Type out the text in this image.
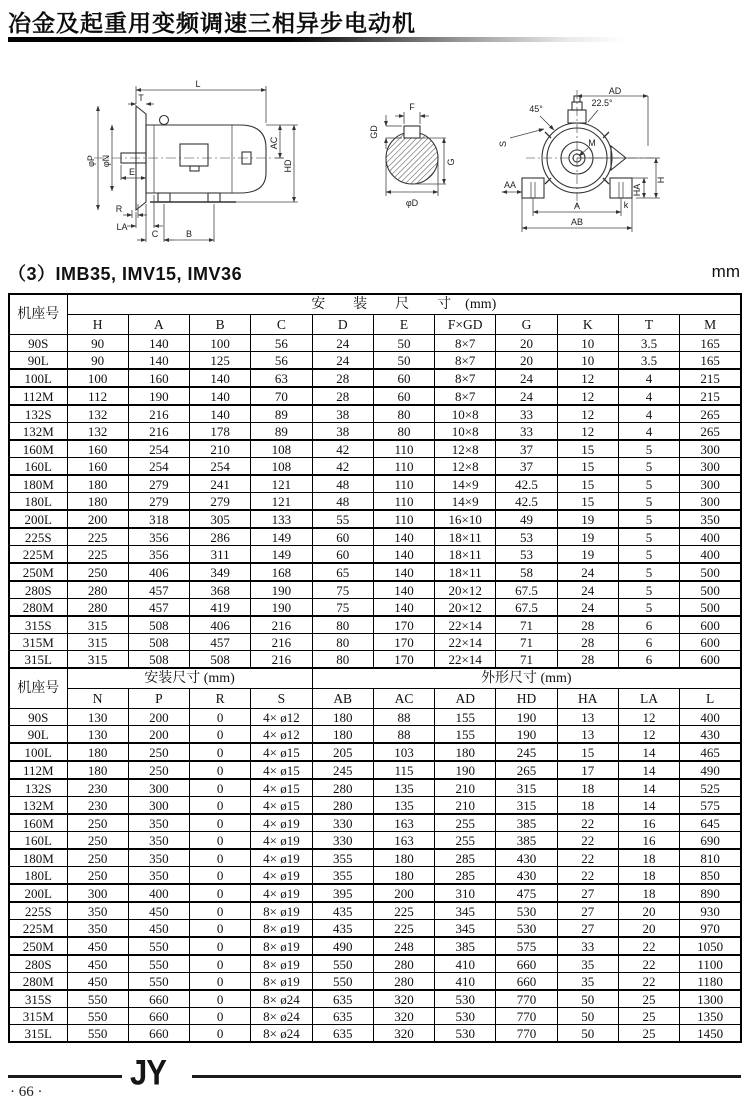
冶金及起重用变频调速三相异步电动机
L
T
φP φN
E
AC
HD
R
LA
C	B
F
GD
G
φD
AD
45°
22.5°
S	M
H
HA
AA
k
A
AB
（3）IMB35, IMV15, IMV36	mm
机座号	安　　装　　尺　　寸　(mm)										
	H	A	B	C	D	E	F×GD	G	K	T	M
90S	90	140	100	56	24	50	8×7	20	10	3.5	165
90L	90	140	125	56	24	50	8×7	20	10	3.5	165
100L	100	160	140	63	28	60	8×7	24	12	4	215
112M	112	190	140	70	28	60	8×7	24	12	4	215
132S	132	216	140	89	38	80	10×8	33	12	4	265
132M	132	216	178	89	38	80	10×8	33	12	4	265
160M	160	254	210	108	42	110	12×8	37	15	5	300
160L	160	254	254	108	42	110	12×8	37	15	5	300
180M	180	279	241	121	48	110	14×9	42.5	15	5	300
180L	180	279	279	121	48	110	14×9	42.5	15	5	300
200L	200	318	305	133	55	110	16×10	49	19	5	350
225S	225	356	286	149	60	140	18×11	53	19	5	400
225M	225	356	311	149	60	140	18×11	53	19	5	400
250M	250	406	349	168	65	140	18×11	58	24	5	500
280S	280	457	368	190	75	140	20×12	67.5	24	5	500
280M	280	457	419	190	75	140	20×12	67.5	24	5	500
315S	315	508	406	216	80	170	22×14	71	28	6	600
315M	315	508	457	216	80	170	22×14	71	28	6	600
315L	315	508	508	216	80	170	22×14	71	28	6	600
机座号	安装尺寸 (mm)				外形尺寸 (mm)						
	N	P	R	S	AB	AC	AD	HD	HA	LA	L
90S	130	200	0	4× ø12	180	88	155	190	13	12	400
90L	130	200	0	4× ø12	180	88	155	190	13	12	430
100L	180	250	0	4× ø15	205	103	180	245	15	14	465
112M	180	250	0	4× ø15	245	115	190	265	17	14	490
132S	230	300	0	4× ø15	280	135	210	315	18	14	525
132M	230	300	0	4× ø15	280	135	210	315	18	14	575
160M	250	350	0	4× ø19	330	163	255	385	22	16	645
160L	250	350	0	4× ø19	330	163	255	385	22	16	690
180M	250	350	0	4× ø19	355	180	285	430	22	18	810
180L	250	350	0	4× ø19	355	180	285	430	22	18	850
200L	300	400	0	4× ø19	395	200	310	475	27	18	890
225S	350	450	0	8× ø19	435	225	345	530	27	20	930
225M	350	450	0	8× ø19	435	225	345	530	27	20	970
250M	450	550	0	8× ø19	490	248	385	575	33	22	1050
280S	450	550	0	8× ø19	550	280	410	660	35	22	1100
280M	450	550	0	8× ø19	550	280	410	660	35	22	1180
315S	550	660	0	8× ø24	635	320	530	770	50	25	1300
315M	550	660	0	8× ø24	635	320	530	770	50	25	1350
315L	550	660	0	8× ø24	635	320	530	770	50	25	1450
JY
· 66 ·
